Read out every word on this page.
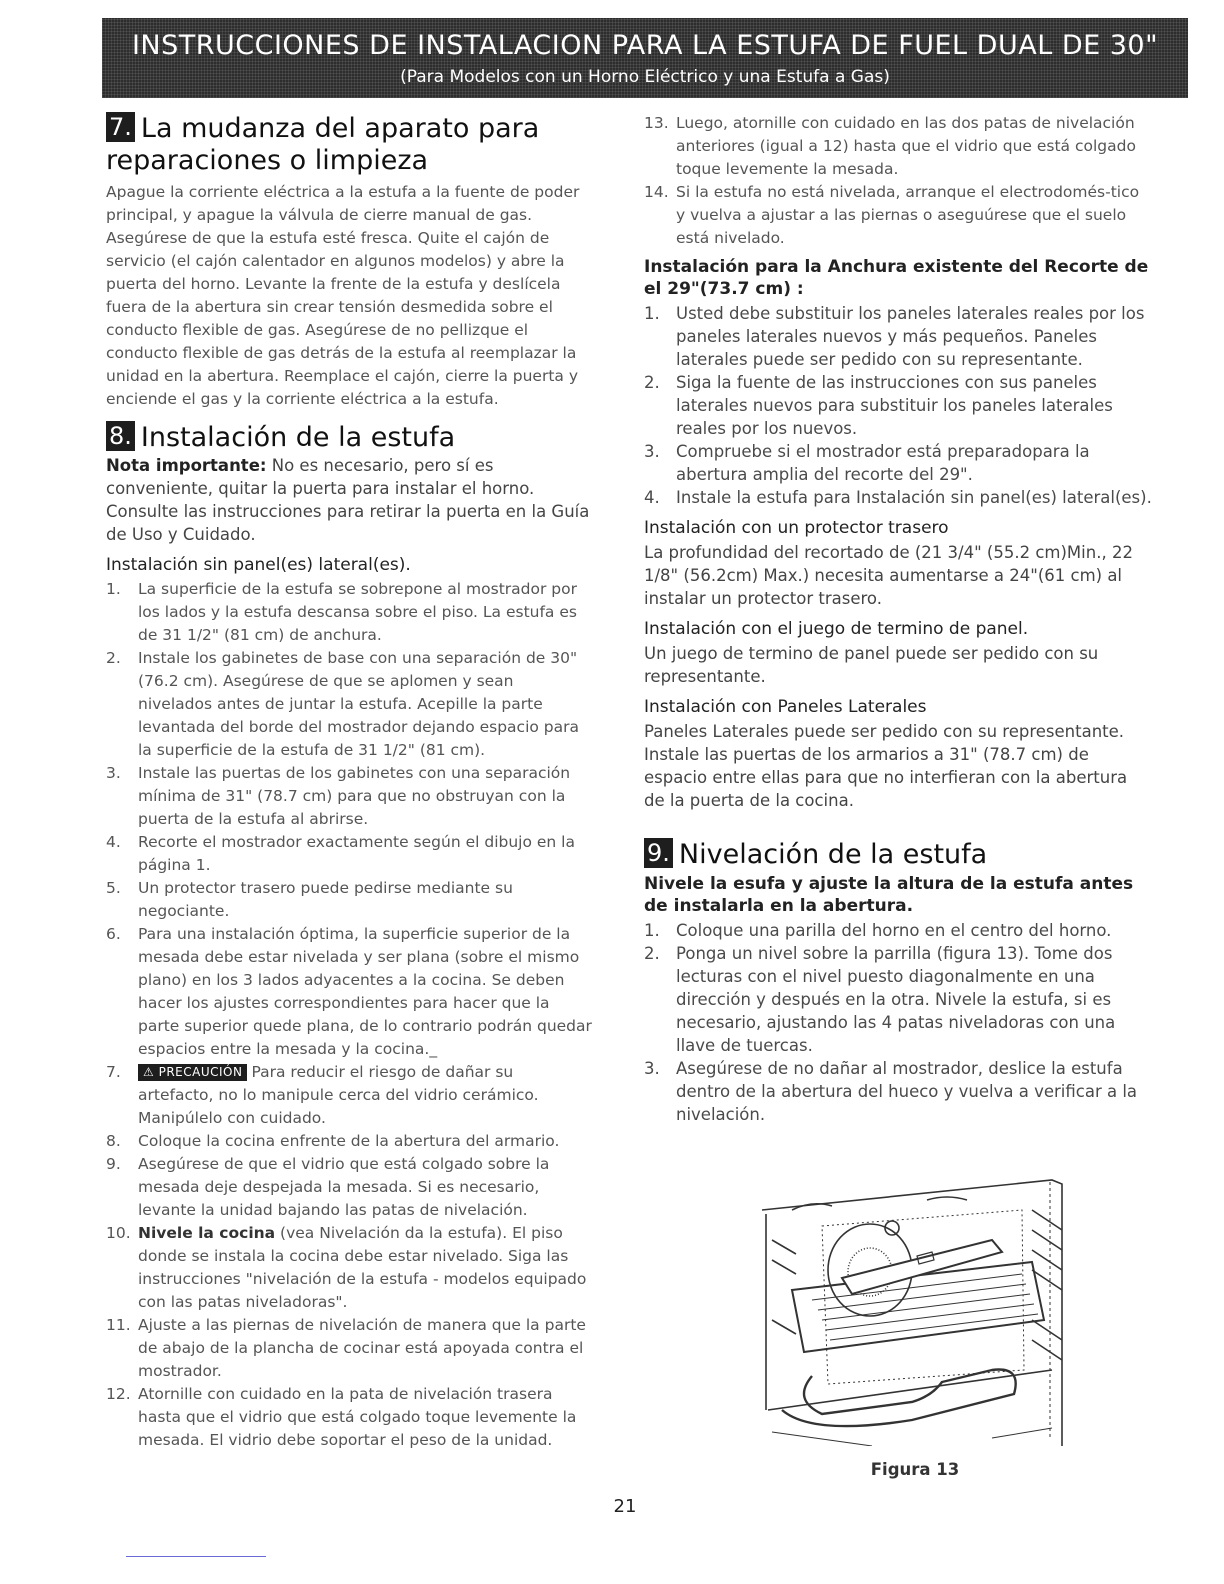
INSTRUCCIONES DE INSTALACION PARA LA ESTUFA DE FUEL DUAL DE 30"
(Para Modelos con un Horno Eléctrico y una Estufa a Gas)
7. La mudanza del aparato para reparaciones o limpieza

Apague la corriente eléctrica a la estufa a la fuente de poder principal, y apague la válvula de cierre manual de gas. Asegúrese de que la estufa esté fresca. Quite el cajón de servicio (el cajón calentador en algunos modelos) y abre la puerta del horno. Levante la frente de la estufa y deslícela fuera de la abertura sin crear tensión desmedida sobre el conducto flexible de gas. Asegúrese de no pellizque el conducto flexible de gas detrás de la estufa al reemplazar la unidad en la abertura. Reemplace el cajón, cierre la puerta y enciende el gas y la corriente eléctrica a la estufa.

8. Instalación de la estufa

Nota importante: No es necesario, pero sí es conveniente, quitar la puerta para instalar el horno. Consulte las instrucciones para retirar la puerta en la Guía de Uso y Cuidado.

Instalación sin panel(es) lateral(es).
1. La superficie de la estufa se sobrepone al mostrador por los lados y la estufa descansa sobre el piso. La estufa es de 31 1/2" (81 cm) de anchura.
2. Instale los gabinetes de base con una separación de 30" (76.2 cm). Asegúrese de que se aplomen y sean nivelados antes de juntar la estufa. Acepille la parte levantada del borde del mostrador dejando espacio para la superficie de la estufa de 31 1/2" (81 cm).
3. Instale las puertas de los gabinetes con una separación mínima de 31" (78.7 cm) para que no obstruyan con la puerta de la estufa al abrirse.
4. Recorte el mostrador exactamente según el dibujo en la página 1.
5. Un protector trasero puede pedirse mediante su negociante.
6. Para una instalación óptima, la superficie superior de la mesada debe estar nivelada y ser plana (sobre el mismo plano) en los 3 lados adyacentes a la cocina. Se deben hacer los ajustes correspondientes para hacer que la parte superior quede plana, de lo contrario podrán quedar espacios entre la mesada y la cocina._
7. ⚠ PRECAUCIÓN Para reducir el riesgo de dañar su artefacto, no lo manipule cerca del vidrio cerámico. Manipúlelo con cuidado.
8. Coloque la cocina enfrente de la abertura del armario.
9. Asegúrese de que el vidrio que está colgado sobre la mesada deje despejada la mesada. Si es necesario, levante la unidad bajando las patas de nivelación.
10. Nivele la cocina (vea Nivelación da la estufa). El piso donde se instala la cocina debe estar nivelado. Siga las instrucciones "nivelación de la estufa - modelos equipado con las patas niveladoras".
11. Ajuste a las piernas de nivelación de manera que la parte de abajo de la plancha de cocinar está apoyada contra el mostrador.
12. Atornille con cuidado en la pata de nivelación trasera hasta que el vidrio que está colgado toque levemente la mesada. El vidrio debe soportar el peso de la unidad.
13. Luego, atornille con cuidado en las dos patas de nivelación anteriores (igual a 12) hasta que el vidrio que está colgado toque levemente la mesada.
14. Si la estufa no está nivelada, arranque el electrodomés-tico y vuelva a ajustar a las piernas o aseguúrese que el suelo está nivelado.
Instalación para la Anchura existente del Recorte de el 29"(73.7 cm) :
1. Usted debe substituir los paneles laterales reales por los paneles laterales nuevos y más pequeños. Paneles laterales puede ser pedido con su representante.
2. Siga la fuente de las instrucciones con sus paneles laterales nuevos para substituir los paneles laterales reales por los nuevos.
3. Compruebe si el mostrador está preparadopara la abertura amplia del recorte del 29".
4. Instale la estufa para Instalación sin panel(es) lateral(es).
Instalación con un protector trasero

La profundidad del recortado de (21 3/4" (55.2 cm)Min., 22 1/8" (56.2cm) Max.) necesita aumentarse a 24"(61 cm) al instalar un protector trasero.

Instalación con el juego de termino de panel.

Un juego de termino de panel puede ser pedido con su representante.

Instalación con Paneles Laterales

Paneles Laterales puede ser pedido con su representante. Instale las puertas de los armarios a 31" (78.7 cm) de espacio entre ellas para que no interfieran con la abertura de la puerta de la cocina.

9. Nivelación de la estufa
Nivele la esufa y ajuste la altura de la estufa antes de instalarla en la abertura.
1. Coloque una parilla del horno en el centro del horno.
2. Ponga un nivel sobre la parrilla (figura 13). Tome dos lecturas con el nivel puesto diagonalmente en una dirección y después en la otra. Nivele la estufa, si es necesario, ajustando las 4 patas niveladoras con una llave de tuercas.
3. Asegúrese de no dañar al mostrador, deslice la estufa dentro de la abertura del hueco y vuelva a verificar a la nivelación.
Figura 13
21
